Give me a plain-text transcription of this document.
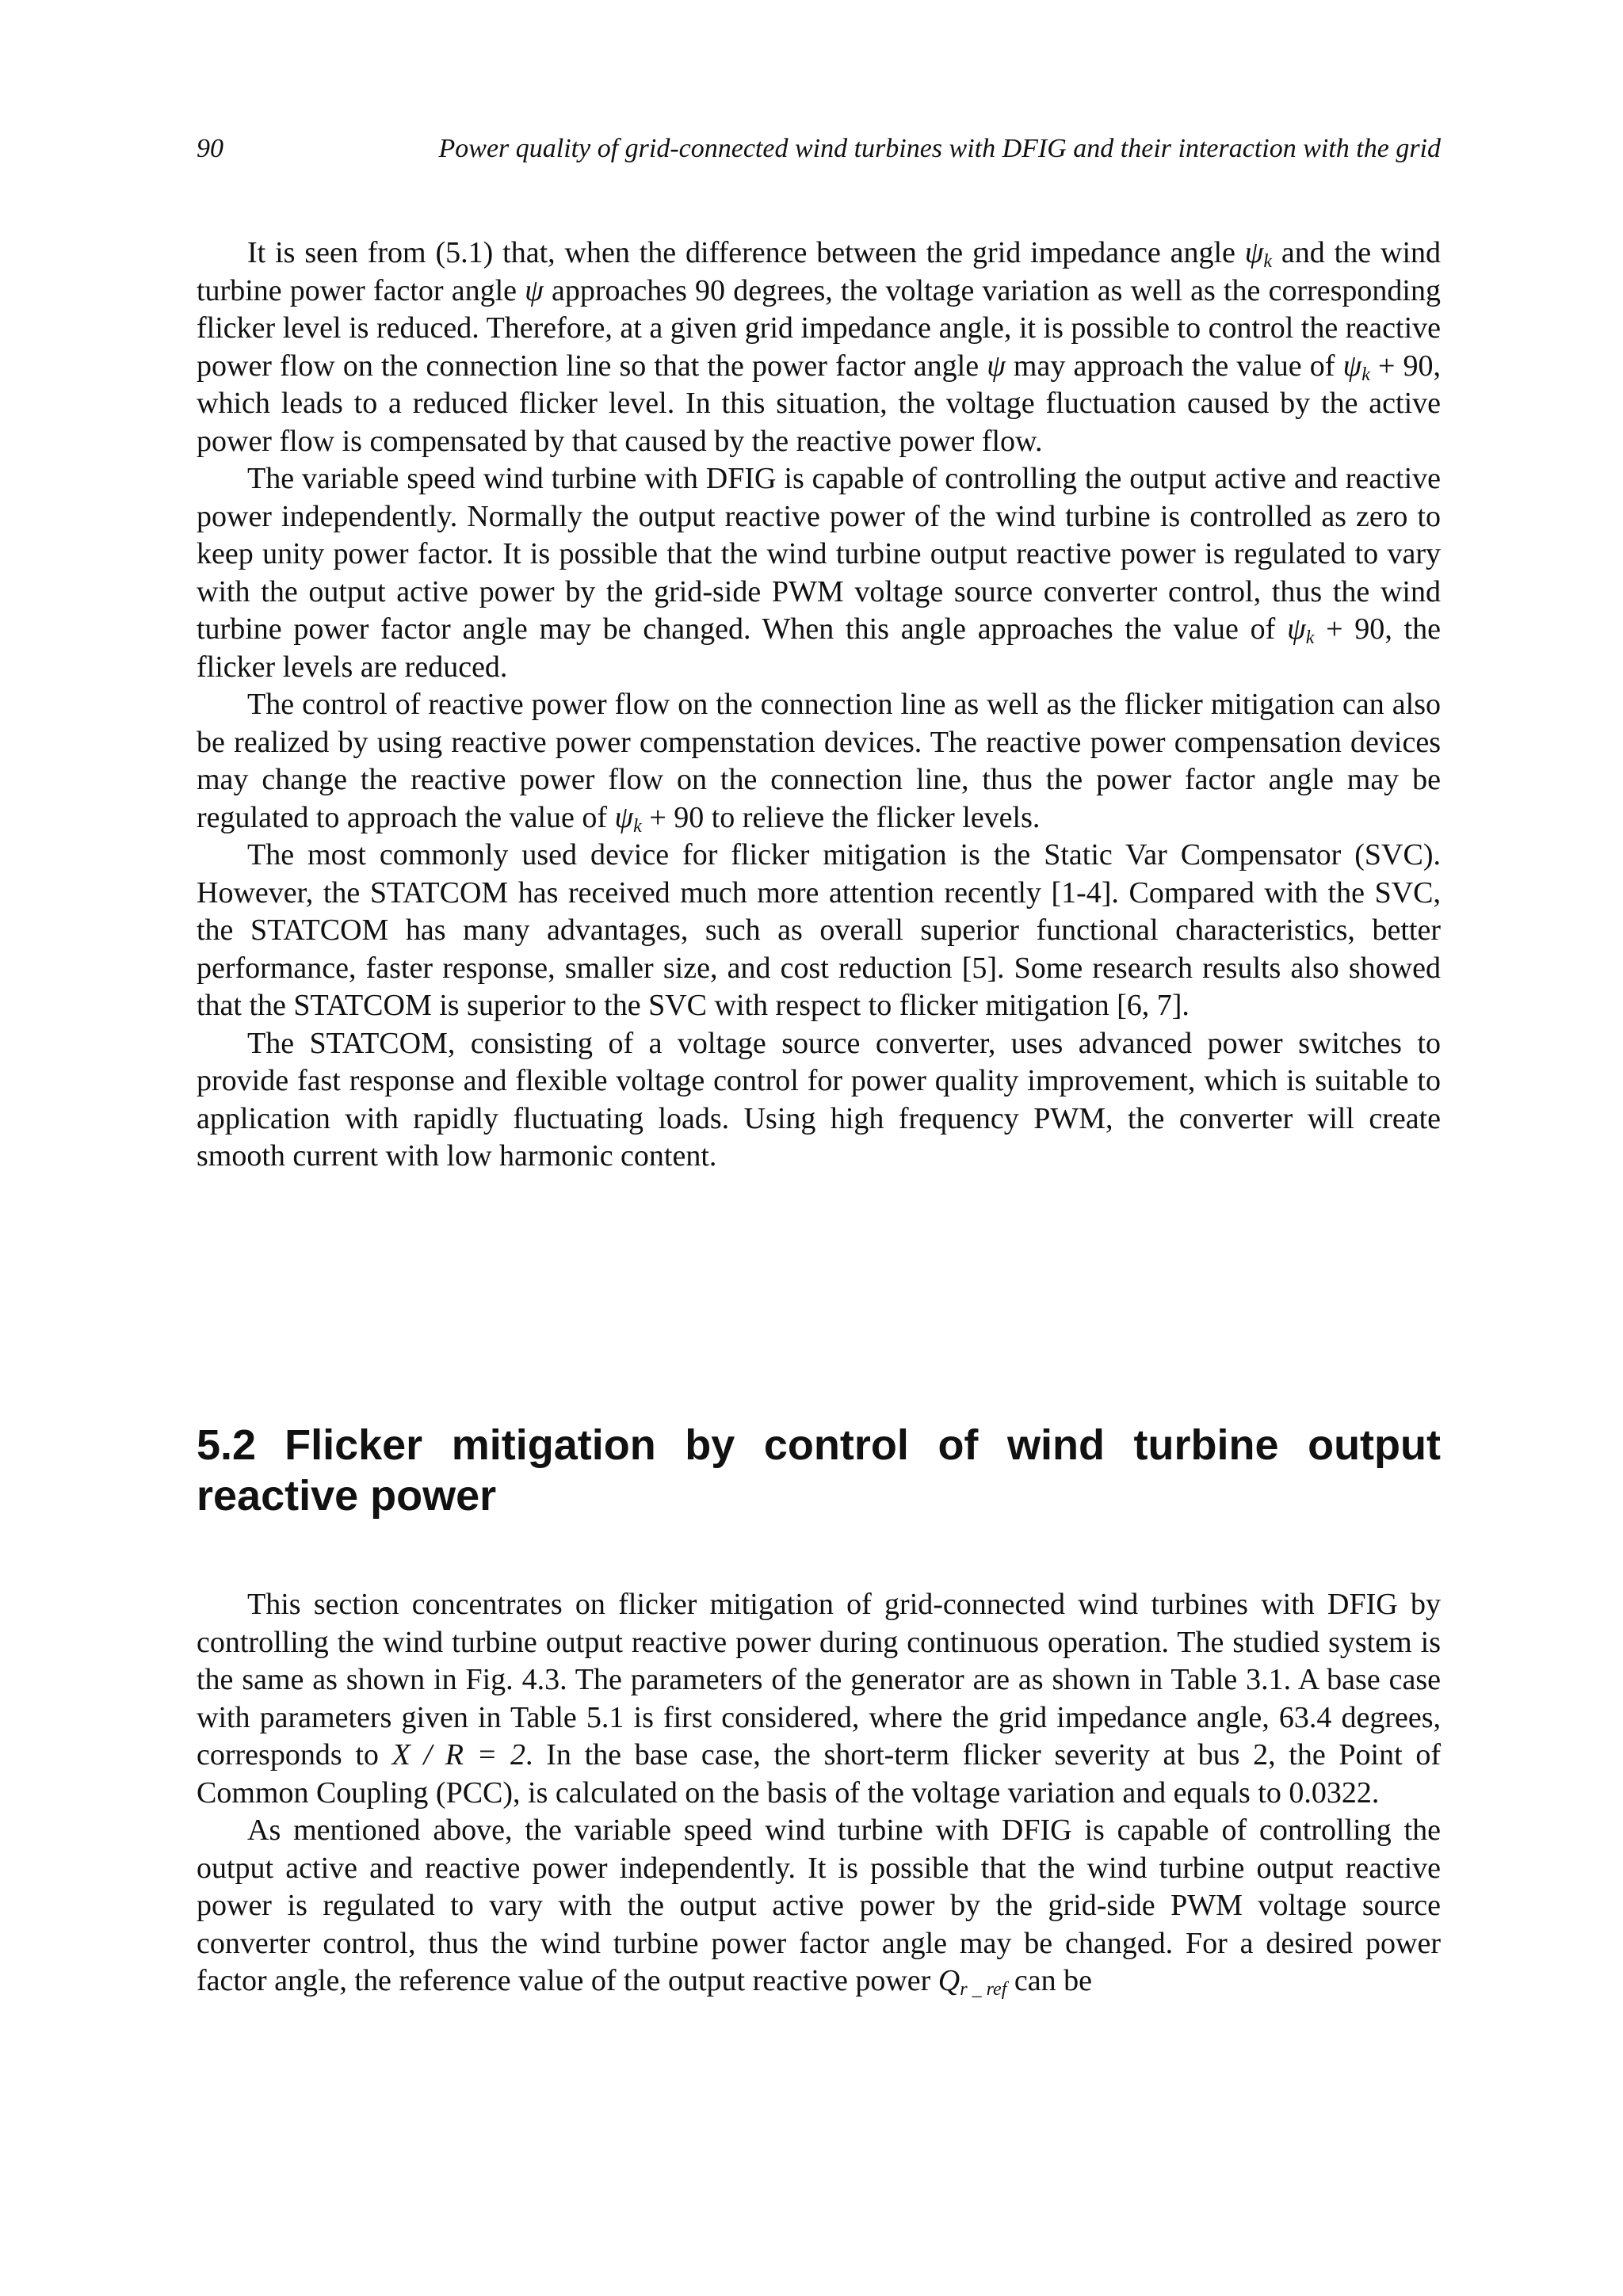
90	Power quality of grid-connected wind turbines with DFIG and their interaction with the grid

It is seen from (5.1) that, when the difference between the grid impedance angle $\psi_k$ and the wind turbine power factor angle ψ approaches 90 degrees, the voltage variation as well as the corresponding flicker level is reduced. Therefore, at a given grid impedance angle, it is possible to control the reactive power flow on the connection line so that the power factor angle ψ may approach the value of $\psi_k + 90$, which leads to a reduced flicker level. In this situation, the voltage fluctuation caused by the active power flow is compensated by that caused by the reactive power flow.

The variable speed wind turbine with DFIG is capable of controlling the output active and reactive power independently. Normally the output reactive power of the wind turbine is controlled as zero to keep unity power factor. It is possible that the wind turbine output reactive power is regulated to vary with the output active power by the grid-side PWM voltage source converter control, thus the wind turbine power factor angle may be changed. When this angle approaches the value of $\psi_k + 90$, the flicker levels are reduced.

The control of reactive power flow on the connection line as well as the flicker mitigation can also be realized by using reactive power compenstation devices. The reactive power compensation devices may change the reactive power flow on the connection line, thus the power factor angle may be regulated to approach the value of $\psi_k + 90$ to relieve the flicker levels.

The most commonly used device for flicker mitigation is the Static Var Compensator (SVC). However, the STATCOM has received much more attention recently [1-4]. Compared with the SVC, the STATCOM has many advantages, such as overall superior functional characteristics, better performance, faster response, smaller size, and cost reduction [5]. Some research results also showed that the STATCOM is superior to the SVC with respect to flicker mitigation [6, 7].

The STATCOM, consisting of a voltage source converter, uses advanced power switches to provide fast response and flexible voltage control for power quality improvement, which is suitable to application with rapidly fluctuating loads. Using high frequency PWM, the converter will create smooth current with low harmonic content.

5.2 Flicker mitigation by control of wind turbine output reactive power

This section concentrates on flicker mitigation of grid-connected wind turbines with DFIG by controlling the wind turbine output reactive power during continuous operation. The studied system is the same as shown in Fig. 4.3. The parameters of the generator are as shown in Table 3.1. A base case with parameters given in Table 5.1 is first considered, where the grid impedance angle, 63.4 degrees, corresponds to X / R = 2. In the base case, the short-term flicker severity at bus 2, the Point of Common Coupling (PCC), is calculated on the basis of the voltage variation and equals to 0.0322.

As mentioned above, the variable speed wind turbine with DFIG is capable of controlling the output active and reactive power independently. It is possible that the wind turbine output reactive power is regulated to vary with the output active power by the grid-side PWM voltage source converter control, thus the wind turbine power factor angle may be changed. For a desired power factor angle, the reference value of the output reactive power $Q_{r \_ ref}$ can be
